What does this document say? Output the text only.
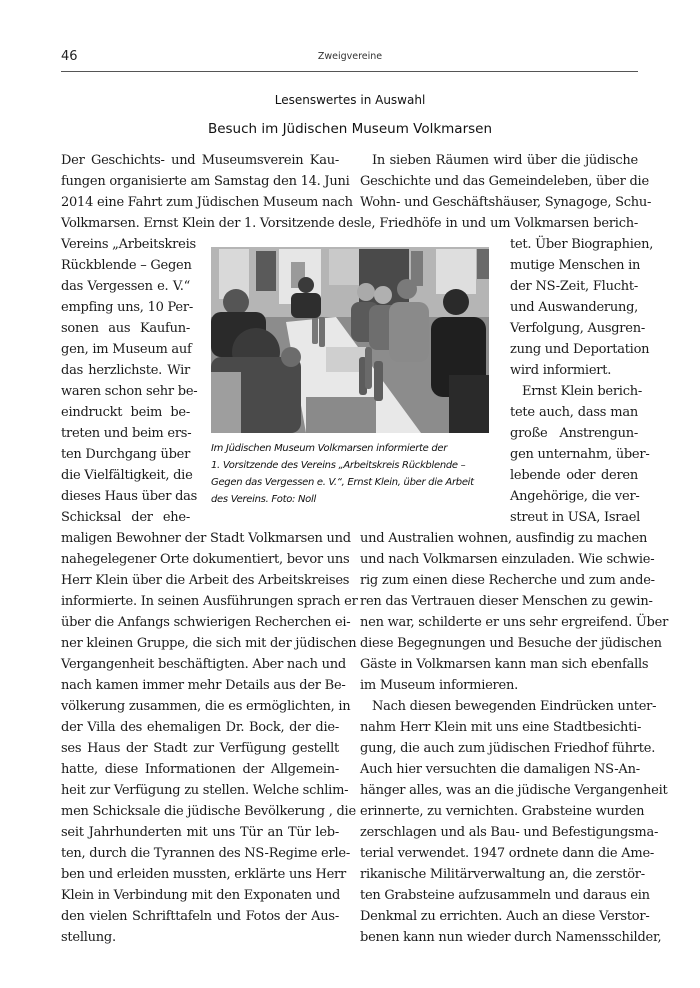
46	Zweigvereine
Lesenswertes in Auswahl
Besuch im Jüdischen Museum Volkmarsen
Der Geschichts- und Museumsverein Kau-
fungen organisierte am Samstag den 14. Juni
2014 eine Fahrt zum Jüdischen Museum nach
Volkmarsen. Ernst Klein der 1. Vorsitzende des
Vereins „Arbeitskreis
Rückblende – Gegen
das Vergessen e. V.“
empfing uns, 10 Per-
sonen aus Kaufun-
gen, im Museum auf
das herzlichste. Wir
waren schon sehr be-
eindruckt beim be-
treten und beim ers-
ten Durchgang über
die Vielfältigkeit, die
dieses Haus über das
Schicksal der ehe-
maligen Bewohner der Stadt Volkmarsen und
nahegelegener Orte dokumentiert, bevor uns
Herr Klein über die Arbeit des Arbeitskreises
informierte. In seinen Ausführungen sprach er
über die Anfangs schwierigen Recherchen ei-
ner kleinen Gruppe, die sich mit der jüdischen
Vergangenheit beschäftigten. Aber nach und
nach kamen immer mehr Details aus der Be-
völkerung zusammen, die es ermöglichten, in
der Villa des ehemaligen Dr. Bock, der die-
ses Haus der Stadt zur Verfügung gestellt
hatte, diese Informationen der Allgemein-
heit zur Verfügung zu stellen. Welche schlim-
men Schicksale die jüdische Bevölkerung , die
seit Jahrhunderten mit uns Tür an Tür leb-
ten, durch die Tyrannen des NS-Regime erle-
ben und erleiden mussten, erklärte uns Herr
Klein in Verbindung mit den Exponaten und
den vielen Schrifttafeln und Fotos der Aus-
stellung.
In sieben Räumen wird über die jüdische
Geschichte und das Gemeindeleben, über die
Wohn- und Geschäftshäuser, Synagoge, Schu-
le, Friedhöfe in und um Volkmarsen berich-
tet. Über Biographien,
mutige Menschen in
der NS-Zeit, Flucht-
und Auswanderung,
Verfolgung, Ausgren-
zung und Deportation
wird informiert.
Ernst Klein berich-
tete auch, dass man
große Anstrengun-
gen unternahm, über-
lebende oder deren
Angehörige, die ver-
streut in USA, Israel
und Australien wohnen, ausfindig zu machen
und nach Volkmarsen einzuladen. Wie schwie-
rig zum einen diese Recherche und zum ande-
ren das Vertrauen dieser Menschen zu gewin-
nen war, schilderte er uns sehr ergreifend. Über
diese Begegnungen und Besuche der jüdischen
Gäste in Volkmarsen kann man sich ebenfalls
im Museum informieren.
Nach diesen bewegenden Eindrücken unter-
nahm Herr Klein mit uns eine Stadtbesichti-
gung, die auch zum jüdischen Friedhof führte.
Auch hier versuchten die damaligen NS-An-
hänger alles, was an die jüdische Vergangenheit
erinnerte, zu vernichten. Grabsteine wurden
zerschlagen und als Bau- und Befestigungsma-
terial verwendet. 1947 ordnete dann die Ame-
rikanische Militärverwaltung an, die zerstör-
ten Grabsteine aufzusammeln und daraus ein
Denkmal zu errichten. Auch an diese Verstor-
benen kann nun wieder durch Namensschilder,
Im Jüdischen Museum Volkmarsen informierte der
1. Vorsitzende des Vereins „Arbeitskreis Rückblende –
Gegen das Vergessen e. V.“, Ernst Klein, über die Arbeit
des Vereins. Foto: Noll
